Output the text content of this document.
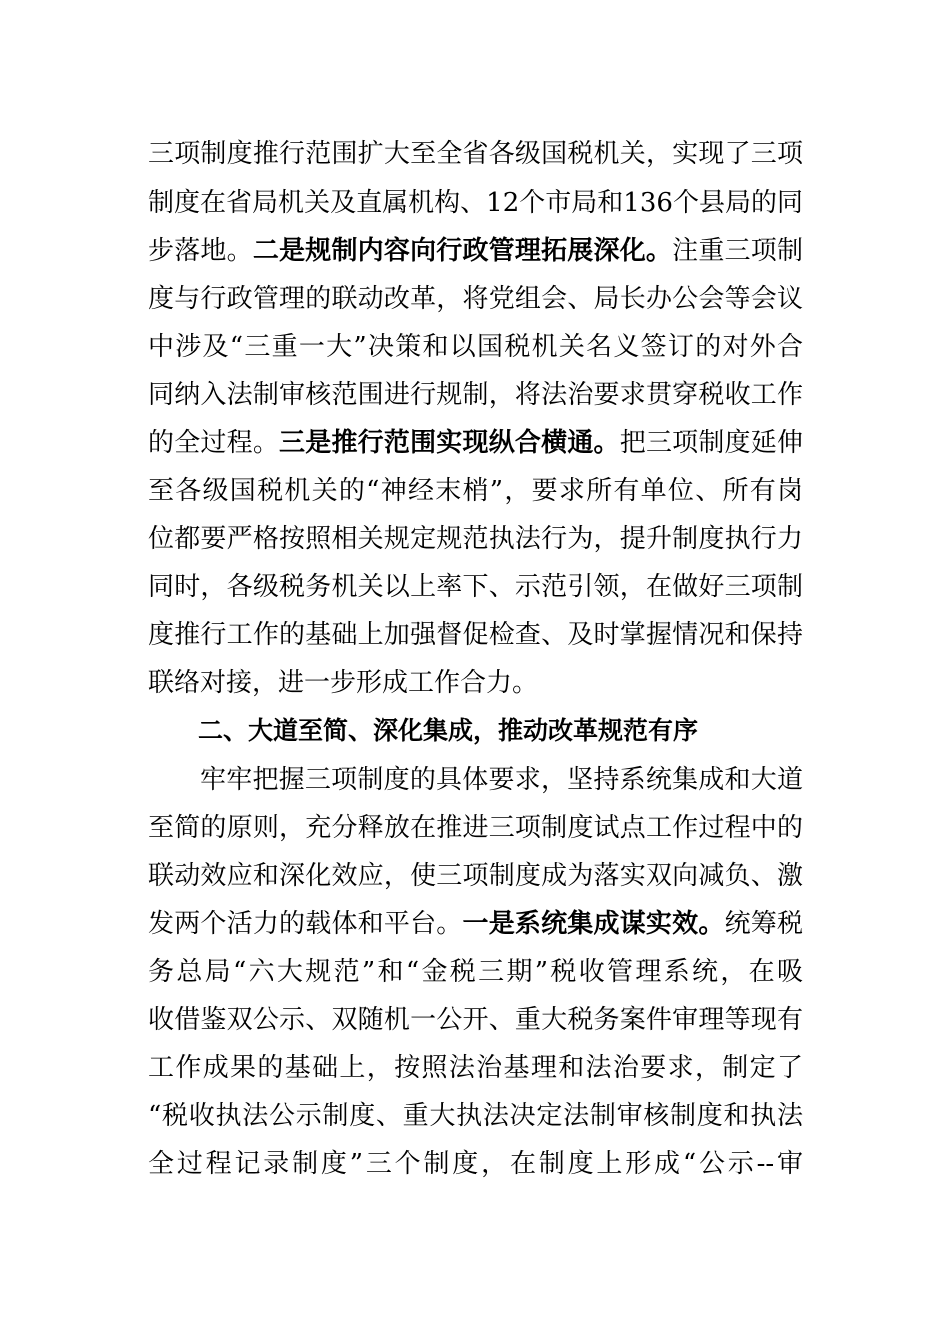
三项制度推行范围扩大至全省各级国税机关，实现了三项
制度在省局机关及直属机构、12个市局和136个县局的同
步落地。二是规制内容向行政管理拓展深化。注重三项制
度与行政管理的联动改革，将党组会、局长办公会等会议
中涉及“三重一大”决策和以国税机关名义签订的对外合
同纳入法制审核范围进行规制，将法治要求贯穿税收工作
的全过程。三是推行范围实现纵合横通。把三项制度延伸
至各级国税机关的“神经末梢”，要求所有单位、所有岗
位都要严格按照相关规定规范执法行为，提升制度执行力
同时，各级税务机关以上率下、示范引领，在做好三项制
度推行工作的基础上加强督促检查、及时掌握情况和保持
联络对接，进一步形成工作合力。
二、大道至简、深化集成，推动改革规范有序
牢牢把握三项制度的具体要求，坚持系统集成和大道
至简的原则，充分释放在推进三项制度试点工作过程中的
联动效应和深化效应，使三项制度成为落实双向减负、激
发两个活力的载体和平台。一是系统集成谋实效。统筹税
务总局“六大规范”和“金税三期”税收管理系统，在吸
收借鉴双公示、双随机一公开、重大税务案件审理等现有
工作成果的基础上，按照法治基理和法治要求，制定了
“税收执法公示制度、重大执法决定法制审核制度和执法
全过程记录制度”三个制度，在制度上形成“公示--审
